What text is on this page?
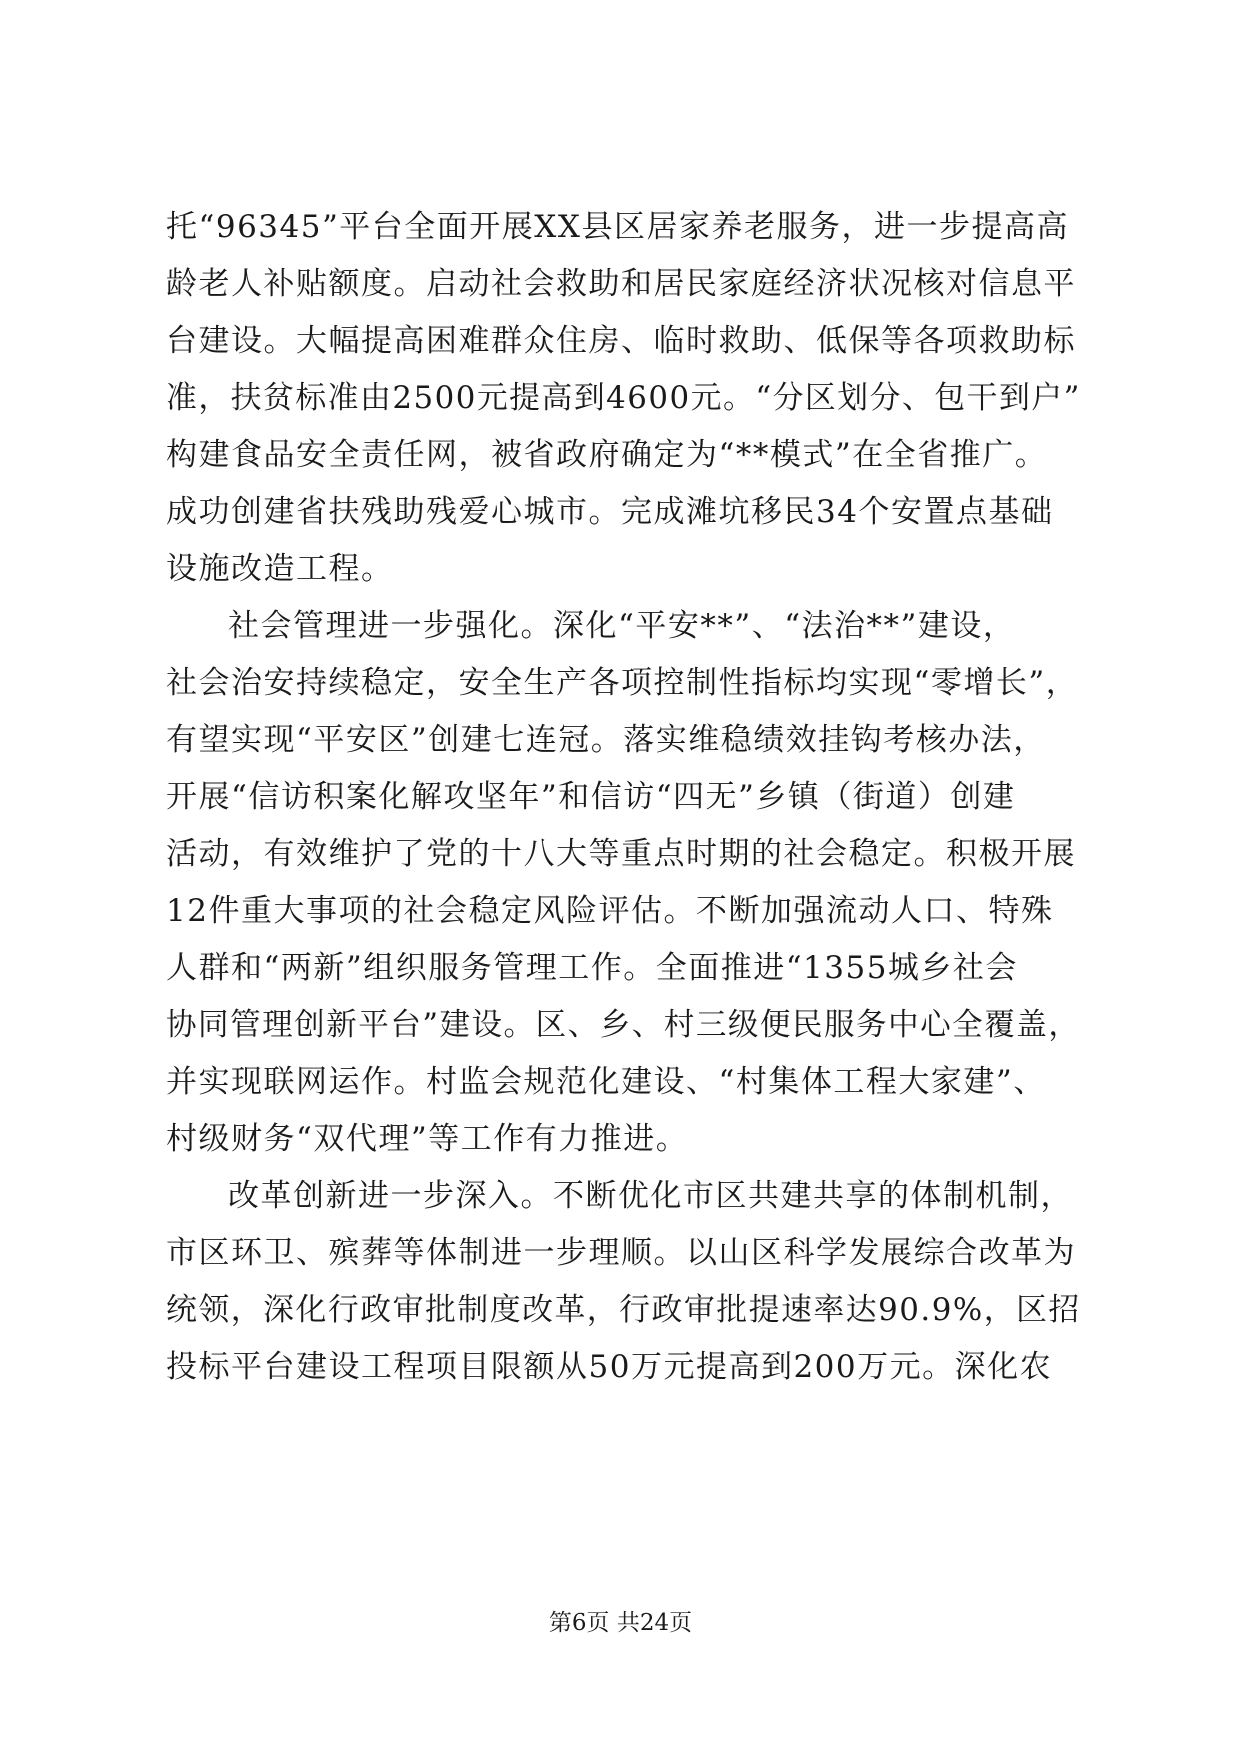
托“96345”平台全面开展XX县区居家养老服务，进一步提高高
龄老人补贴额度。启动社会救助和居民家庭经济状况核对信息平
台建设。大幅提高困难群众住房、临时救助、低保等各项救助标
准，扶贫标准由2500元提高到4600元。“分区划分、包干到户”
构建食品安全责任网，被省政府确定为“**模式”在全省推广。
成功创建省扶残助残爱心城市。完成滩坑移民34个安置点基础
设施改造工程。
社会管理进一步强化。深化“平安**”、“法治**”建设，
社会治安持续稳定，安全生产各项控制性指标均实现“零增长”，
有望实现“平安区”创建七连冠。落实维稳绩效挂钩考核办法，
开展“信访积案化解攻坚年”和信访“四无”乡镇（街道）创建
活动，有效维护了党的十八大等重点时期的社会稳定。积极开展
12件重大事项的社会稳定风险评估。不断加强流动人口、特殊
人群和“两新”组织服务管理工作。全面推进“1355城乡社会
协同管理创新平台”建设。区、乡、村三级便民服务中心全覆盖，
并实现联网运作。村监会规范化建设、“村集体工程大家建”、
村级财务“双代理”等工作有力推进。
改革创新进一步深入。不断优化市区共建共享的体制机制，
市区环卫、殡葬等体制进一步理顺。以山区科学发展综合改革为
统领，深化行政审批制度改革，行政审批提速率达90.9%，区招
投标平台建设工程项目限额从50万元提高到200万元。深化农
第6页 共24页
